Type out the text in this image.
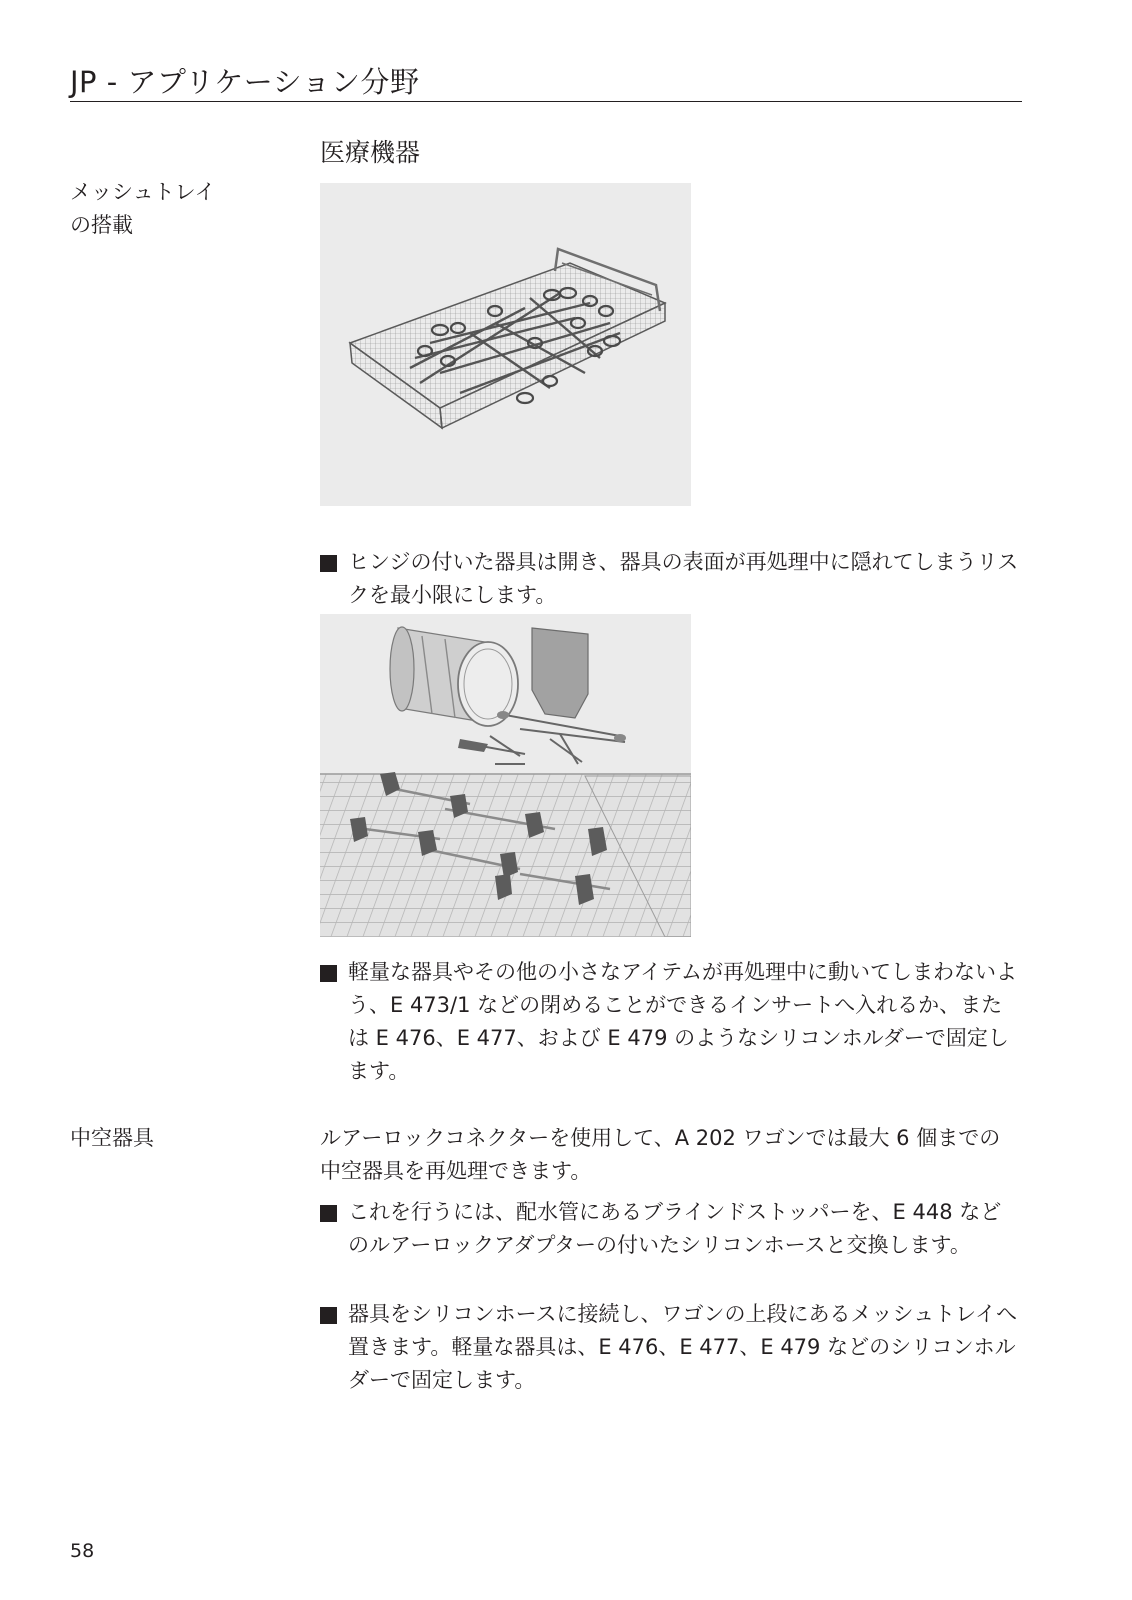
JP - アプリケーション分野
医療機器
メッシュトレイ
の搭載
ヒンジの付いた器具は開き、器具の表面が再処理中に隠れてしまうリスクを最小限にします。
軽量な器具やその他の小さなアイテムが再処理中に動いてしまわないよう、E 473/1 などの閉めることができるインサートへ入れるか、または E 476、E 477、および E 479 のようなシリコンホルダーで固定します。
中空器具	ルアーロックコネクターを使用して、A 202 ワゴンでは最大 6 個までの中空器具を再処理できます。
これを行うには、配水管にあるブラインドストッパーを、E 448 などのルアーロックアダプターの付いたシリコンホースと交換します。
器具をシリコンホースに接続し、ワゴンの上段にあるメッシュトレイへ置きます。軽量な器具は、E 476、E 477、E 479 などのシリコンホルダーで固定します。
58
